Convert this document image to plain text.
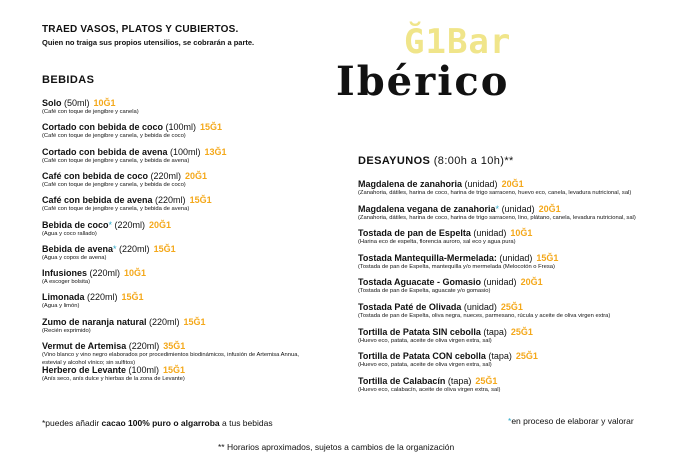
TRAED VASOS, PLATOS Y CUBIERTOS.
Quien no traiga sus propios utensilios, se cobrarán a parte.	Ğ1Bar
Ibérico
BEBIDAS
Solo (50ml) 10Ğ1
(Café con toque de jengibre y canela)
Cortado con bebida de coco (100ml) 15Ğ1
(Café con toque de jengibre y canela, y bebida de coco)
Cortado con bebida de avena (100ml) 13Ğ1
(Café con toque de jengibre y canela, y bebida de avena)
Café con bebida de coco (220ml) 20Ğ1
(Café con toque de jengibre y canela, y bebida de coco)
Café con bebida de avena (220ml) 15Ğ1
(Café con toque de jengibre y canela, y bebida de avena)
Bebida de coco* (220ml) 20Ğ1
(Agua y coco rallado)
Bebida de avena* (220ml) 15Ğ1
(Agua y copos de avena)
Infusiones (220ml) 10Ğ1
(A escoger bolsita)
Limonada (220ml) 15Ğ1
(Agua y limón)
Zumo de naranja natural (220ml) 15Ğ1
(Recién exprimido)
Vermut de Artemisa (220ml) 35Ğ1
(Vino blanco y vino negro elaborados por procedimientos biodinámicos, infusión de Artemisa Annua, estevial y alcohol vínico; sin sulfitos)
Herbero de Levante (100ml) 15Ğ1
(Anís seco, anís dulce y hierbas de la zona de Levante)
DESAYUNOS (8:00h a 10h)**
Magdalena de zanahoria (unidad) 20Ğ1
(Zanahoria, dátiles, harina de coco, harina de trigo sarraceno, huevo eco, canela, levadura nutricional, sal)
Magdalena vegana de zanahoria* (unidad) 20Ğ1
(Zanahoria, dátiles, harina de coco, harina de trigo sarraceno, lino, plátano, canela, levadura nutricional, sal)
Tostada de pan de Espelta (unidad) 10Ğ1
(Harina eco de espelta, florencia auroro, sal eco y agua pura)
Tostada Mantequilla-Mermelada: (unidad) 15Ğ1
(Tostada de pan de Espelta, mantequilla y/o mermelada (Melocotón o Fresa)
Tostada Aguacate - Gomasio (unidad) 20Ğ1
(Tostada de pan de Espelta, aguacate y/o gomasio)
Tostada Paté de Olivada (unidad) 25Ğ1
(Tostada de pan de Espelta, oliva negra, nueces, parmesano, rúcula y aceite de oliva virgen extra)
Tortilla de Patata SIN cebolla (tapa) 25Ğ1
(Huevo eco, patata, aceite de oliva virgen extra, sal)
Tortilla de Patata CON cebolla (tapa) 25Ğ1
(Huevo eco, patata, aceite de oliva virgen extra, sal)
Tortilla de Calabacín (tapa) 25Ğ1
(Huevo eco, calabacín, aceite de oliva virgen extra, sal)
*puedes añadir cacao 100% puro o algarroba a tus bebidas	*en proceso de elaborar y valorar
** Horarios aproximados, sujetos a cambios de la organización
